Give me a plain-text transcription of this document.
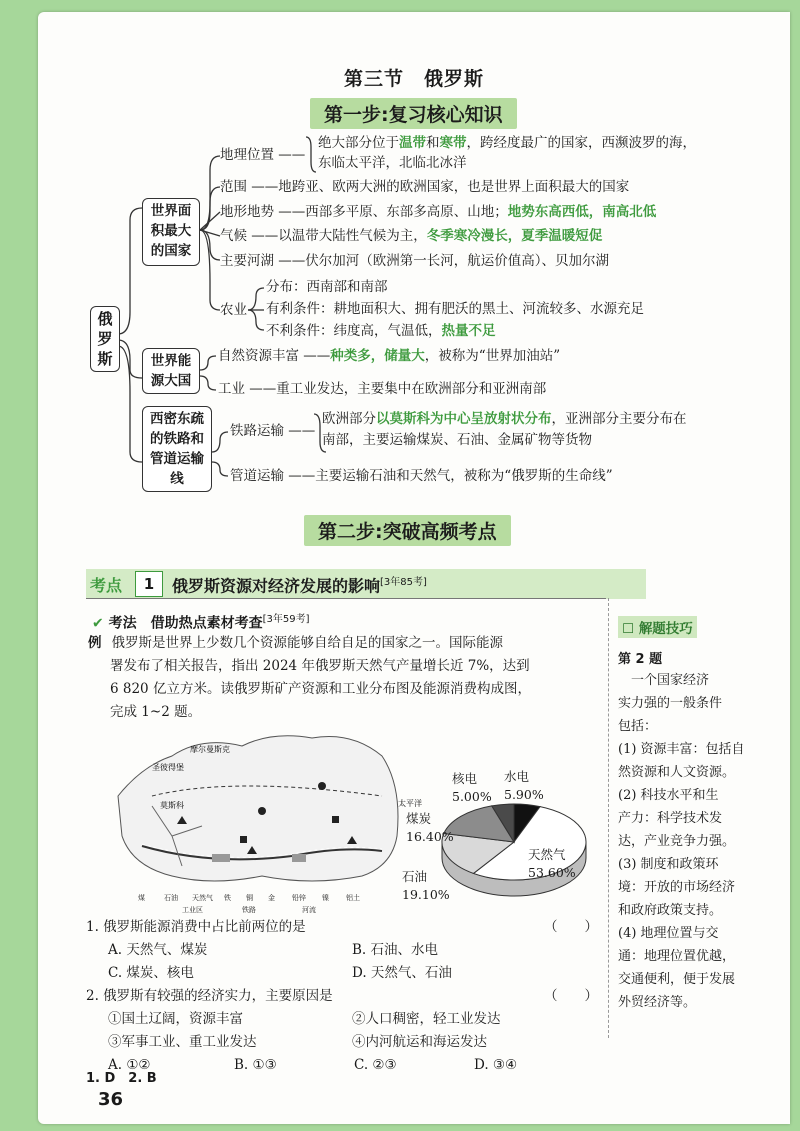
第三节　俄罗斯
第一步:复习核心知识
俄
罗
斯
世界面
积最大
的国家
世界能
源大国
西密东疏
的铁路和
管道运输
线
地理位置 ——
绝大部分位于温带和寒带，跨经度最广的国家，西濒波罗的海，
东临太平洋，北临北冰洋
范围 ——地跨亚、欧两大洲的欧洲国家，也是世界上面积最大的国家
地形地势 ——西部多平原、东部多高原、山地；地势东高西低，南高北低
气候 ——以温带大陆性气候为主，冬季寒冷漫长，夏季温暖短促
主要河湖 ——伏尔加河（欧洲第一长河，航运价值高）、贝加尔湖
农业
分布：西南部和南部
有利条件：耕地面积大、拥有肥沃的黑土、河流较多、水源充足
不利条件：纬度高，气温低，热量不足
自然资源丰富 ——种类多，储量大，被称为“世界加油站”
工业 ——重工业发达，主要集中在欧洲部分和亚洲南部
铁路运输 ——
欧洲部分以莫斯科为中心呈放射状分布，亚洲部分主要分布在
南部，主要运输煤炭、石油、金属矿物等货物
管道运输 ——主要运输石油和天然气，被称为“俄罗斯的生命线”
第二步:突破高频考点
考点	1	俄罗斯资源对经济发展的影响[3年85考]
✔ 考法　借助热点素材考查[3年59考]
例 俄罗斯是世界上少数几个资源能够自给自足的国家之一。国际能源
署发布了相关报告，指出 2024 年俄罗斯天然气产量增长近 7%，达到
6 820 亿立方米。读俄罗斯矿产资源和工业分布图及能源消费构成图，
完成 1~2 题。
摩尔曼斯克
圣彼得堡
莫斯科	太平洋
煤	石油 天然气 铁 铜 金 铅锌 镍 铝土
工业区	铁路	河流
核电
5.00%
水电
5.90%
煤炭
16.40%
天然气
53.60%
石油
19.10%
1. 俄罗斯能源消费中占比前两位的是	（　　）
A. 天然气、煤炭	B. 石油、水电
C. 煤炭、核电	D. 天然气、石油
2. 俄罗斯有较强的经济实力，主要原因是	（　　）
①国土辽阔，资源丰富	②人口稠密，轻工业发达
③军事工业、重工业发达	④内河航运和海运发达
A. ①②	B. ①③	C. ②③	D. ③④
1. D　2. B
☐ 解题技巧
第 2 题
　一个国家经济
实力强的一般条件
包括：
(1) 资源丰富：包括自
然资源和人文资源。
(2) 科技水平和生
产力：科学技术发
达，产业竞争力强。
(3) 制度和政策环
境：开放的市场经济
和政府政策支持。
(4) 地理位置与交
通：地理位置优越，
交通便利，便于发展
外贸经济等。
36
